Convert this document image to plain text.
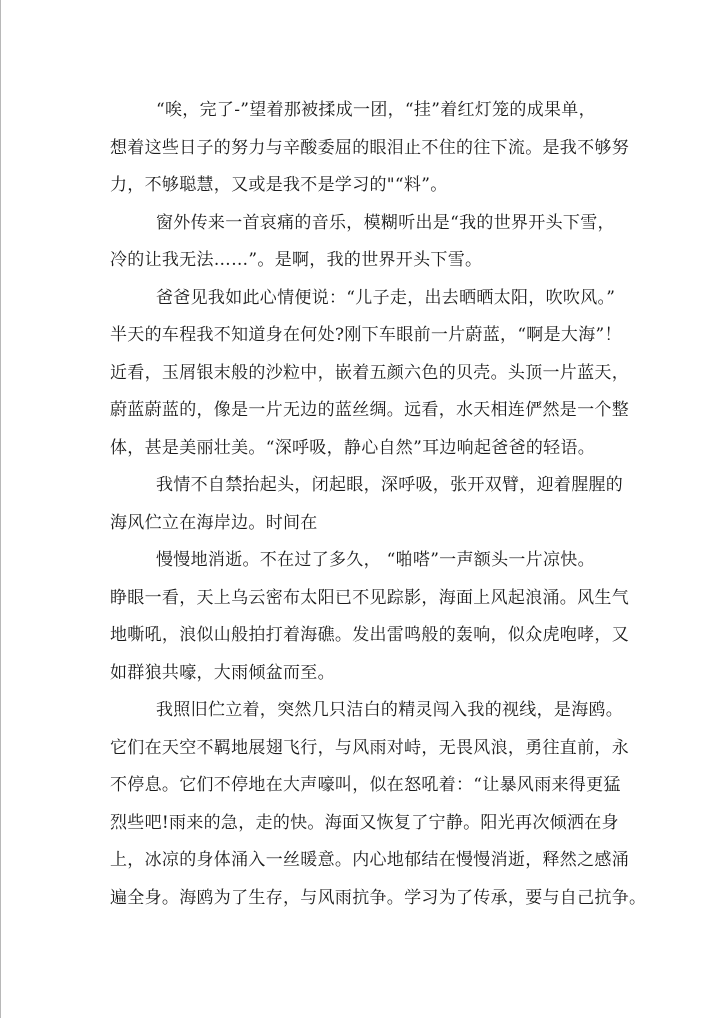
“唉，完了-”望着那被揉成一团，“挂”着红灯笼的成果单，
想着这些日子的努力与辛酸委屈的眼泪止不住的往下流。是我不够努
力，不够聪慧，又或是我不是学习的"“料”。
窗外传来一首哀痛的音乐，模糊听出是“我的世界开头下雪，
冷的让我无法……”。是啊，我的世界开头下雪。
爸爸见我如此心情便说：“儿子走，出去晒晒太阳，吹吹风。”
半天的车程我不知道身在何处?刚下车眼前一片蔚蓝，“啊是大海”！
近看，玉屑银末般的沙粒中，嵌着五颜六色的贝壳。头顶一片蓝天，
蔚蓝蔚蓝的，像是一片无边的蓝丝绸。远看，水天相连俨然是一个整
体，甚是美丽壮美。“深呼吸，静心自然”耳边响起爸爸的轻语。
我情不自禁抬起头，闭起眼，深呼吸，张开双臂，迎着腥腥的
海风伫立在海岸边。时间在
慢慢地消逝。不在过了多久， “啪嗒”一声额头一片凉快。
睁眼一看，天上乌云密布太阳已不见踪影，海面上风起浪涌。风生气
地嘶吼，浪似山般拍打着海礁。发出雷鸣般的轰响，似众虎咆哮，又
如群狼共嚎，大雨倾盆而至。
我照旧伫立着，突然几只洁白的精灵闯入我的视线，是海鸥。
它们在天空不羁地展翅飞行，与风雨对峙，无畏风浪，勇往直前，永
不停息。它们不停地在大声嚎叫，似在怒吼着：“让暴风雨来得更猛
烈些吧!雨来的急，走的快。海面又恢复了宁静。阳光再次倾洒在身
上，冰凉的身体涌入一丝暖意。内心地郁结在慢慢消逝，释然之感涌
遍全身。海鸥为了生存，与风雨抗争。学习为了传承，要与自己抗争。
